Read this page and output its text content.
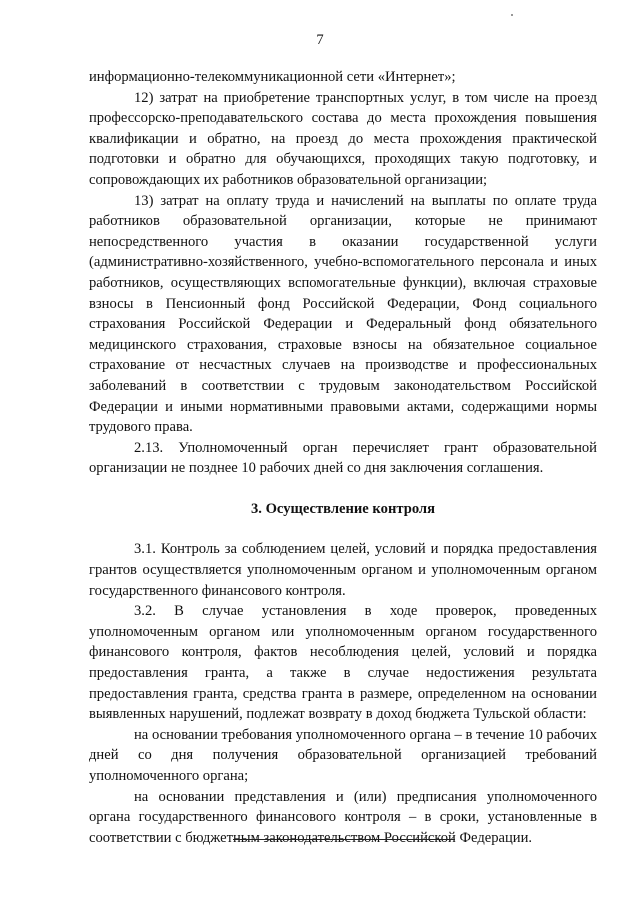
7

информационно-телекоммуникационной сети «Интернет»;

12) затрат на приобретение транспортных услуг, в том числе на проезд профессорско-преподавательского состава до места прохождения повышения квалификации и обратно, на проезд до места прохождения практической подготовки и обратно для обучающихся, проходящих такую подготовку, и сопровождающих их работников образовательной организации;

13) затрат на оплату труда и начислений на выплаты по оплате труда работников образовательной организации, которые не принимают непосредственного участия в оказании государственной услуги (административно-хозяйственного, учебно-вспомогательного персонала и иных работников, осуществляющих вспомогательные функции), включая страховые взносы в Пенсионный фонд Российской Федерации, Фонд социального страхования Российской Федерации и Федеральный фонд обязательного медицинского страхования, страховые взносы на обязательное социальное страхование от несчастных случаев на производстве и профессиональных заболеваний в соответствии с трудовым законодательством Российской Федерации и иными нормативными правовыми актами, содержащими нормы трудового права.

2.13. Уполномоченный орган перечисляет грант образовательной организации не позднее 10 рабочих дней со дня заключения соглашения.

3. Осуществление контроля

3.1. Контроль за соблюдением целей, условий и порядка предоставления грантов осуществляется уполномоченным органом и уполномоченным органом государственного финансового контроля.

3.2. В случае установления в ходе проверок, проведенных уполномоченным органом или уполномоченным органом государственного финансового контроля, фактов несоблюдения целей, условий и порядка предоставления гранта, а также в случае недостижения результата предоставления гранта, средства гранта в размере, определенном на основании выявленных нарушений, подлежат возврату в доход бюджета Тульской области:

на основании требования уполномоченного органа – в течение 10 рабочих дней со дня получения образовательной организацией требований уполномоченного органа;

на основании представления и (или) предписания уполномоченного органа государственного финансового контроля – в сроки, установленные в соответствии с бюджетным законодательством Российской Федерации.
